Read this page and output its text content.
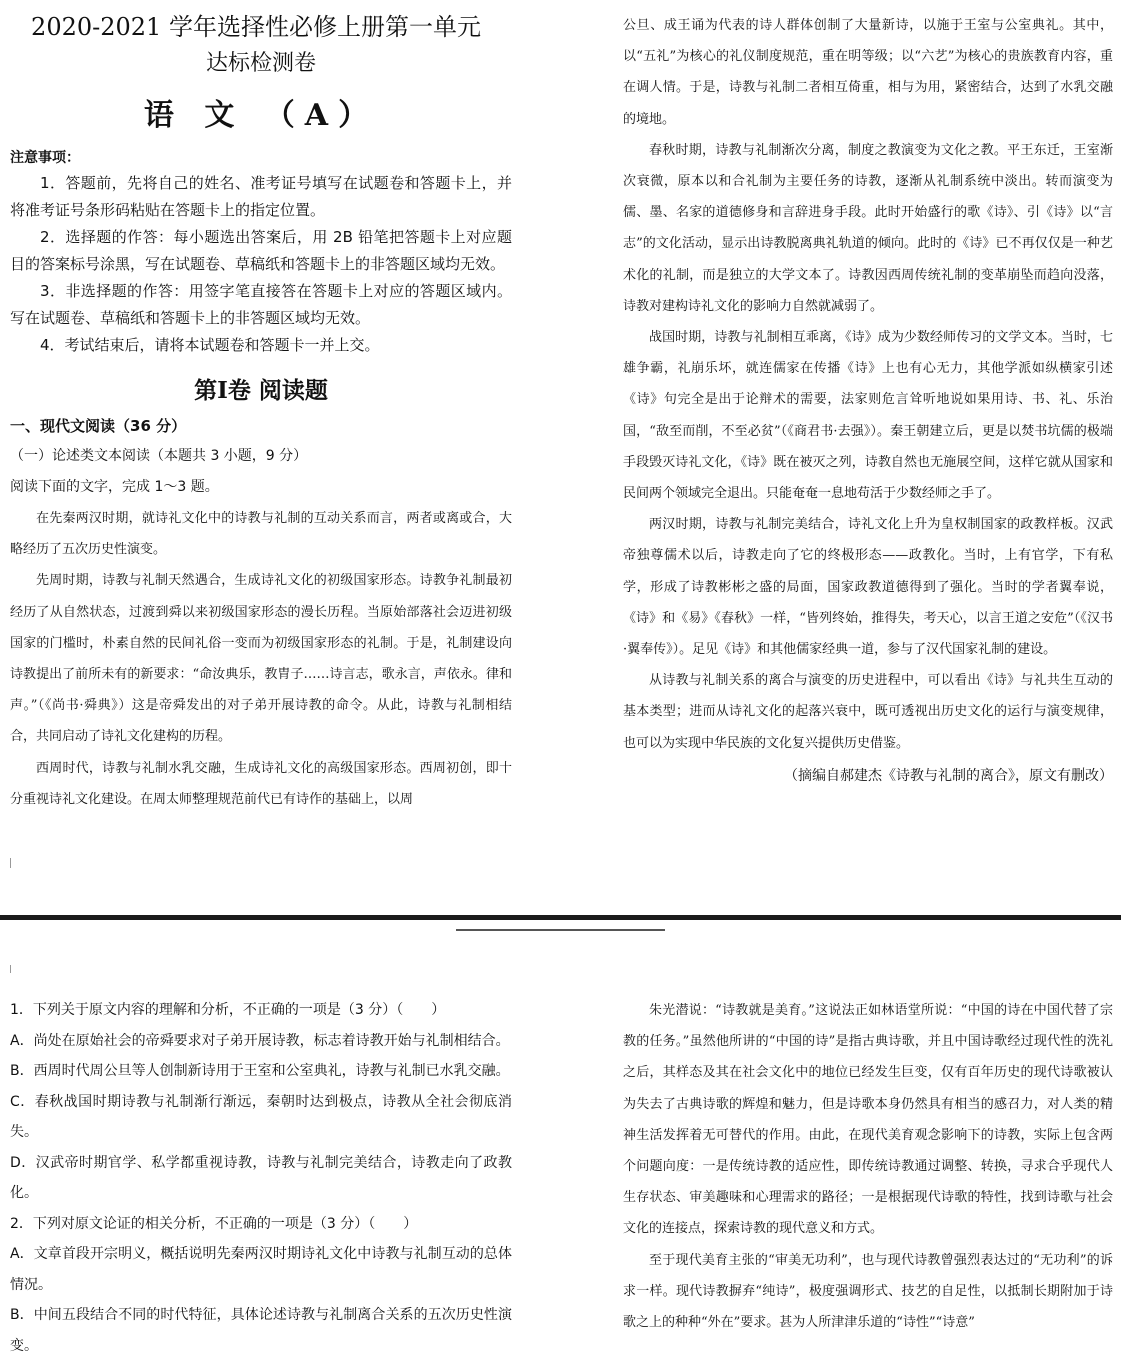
2020-2021 学年选择性必修上册第一单元
达标检测卷
语 文 （A）
注意事项：
1．答题前，先将自己的姓名、准考证号填写在试题卷和答题卡上，并将准考证号条形码粘贴在答题卡上的指定位置。
2．选择题的作答：每小题选出答案后，用 2B 铅笔把答题卡上对应题目的答案标号涂黑，写在试题卷、草稿纸和答题卡上的非答题区域均无效。
3．非选择题的作答：用签字笔直接答在答题卡上对应的答题区域内。写在试题卷、草稿纸和答题卡上的非答题区域均无效。
4．考试结束后，请将本试题卷和答题卡一并上交。
第Ⅰ卷 阅读题
一、现代文阅读（36 分）
（一）论述类文本阅读（本题共 3 小题，9 分）
阅读下面的文字，完成 1～3 题。
在先秦两汉时期，就诗礼文化中的诗教与礼制的互动关系而言，两者或离或合，大略经历了五次历史性演变。
先周时期，诗教与礼制天然遇合，生成诗礼文化的初级国家形态。诗教争礼制最初经历了从自然状态，过渡到舜以来初级国家形态的漫长历程。当原始部落社会迈进初级国家的门槛时，朴素自然的民间礼俗一变而为初级国家形态的礼制。于是，礼制建设向诗教提出了前所未有的新要求：“命汝典乐，教胄子……诗言志，歌永言，声依永。律和声。”（《尚书·舜典》）这是帝舜发出的对子弟开展诗教的命令。从此，诗教与礼制相结合，共同启动了诗礼文化建构的历程。
西周时代，诗教与礼制水乳交融，生成诗礼文化的高级国家形态。西周初创，即十分重视诗礼文化建设。在周太师整理规范前代已有诗作的基础上，以周
公旦、成王诵为代表的诗人群体创制了大量新诗，以施于王室与公室典礼。其中，以“五礼”为核心的礼仪制度规范，重在明等级；以“六艺”为核心的贵族教育内容，重在调人情。于是，诗教与礼制二者相互倚重，相与为用，紧密结合，达到了水乳交融的境地。
春秋时期，诗教与礼制渐次分离，制度之教演变为文化之教。平王东迁，王室渐次衰微，原本以和合礼制为主要任务的诗教，逐渐从礼制系统中淡出。转而演变为儒、墨、名家的道德修身和言辞进身手段。此时开始盛行的歌《诗》、引《诗》以“言志”的文化活动，显示出诗教脱离典礼轨道的倾向。此时的《诗》已不再仅仅是一种艺术化的礼制，而是独立的大学文本了。诗教因西周传统礼制的变革崩坠而趋向没落，诗教对建构诗礼文化的影响力自然就减弱了。
战国时期，诗教与礼制相互乖离，《诗》成为少数经师传习的文学文本。当时，七雄争霸，礼崩乐坏，就连儒家在传播《诗》上也有心无力，其他学派如纵横家引述《诗》句完全是出于论辩术的需要，法家则危言耸听地说如果用诗、书、礼、乐治国，“敌至而削，不至必贫”（《商君书·去强》）。秦王朝建立后，更是以焚书坑儒的极端手段毁灭诗礼文化，《诗》既在被灭之列，诗教自然也无施展空间，这样它就从国家和民间两个领域完全退出。只能奄奄一息地苟活于少数经师之手了。
两汉时期，诗教与礼制完美结合，诗礼文化上升为皇权制国家的政教样板。汉武帝独尊儒术以后，诗教走向了它的终极形态——政教化。当时，上有官学，下有私学，形成了诗教彬彬之盛的局面，国家政教道德得到了强化。当时的学者翼奉说，《诗》和《易》《春秋》一样，“皆列终始，推得失，考天心，以言王道之安危”（《汉书·翼奉传》）。足见《诗》和其他儒家经典一道，参与了汉代国家礼制的建设。
从诗教与礼制关系的离合与演变的历史进程中，可以看出《诗》与礼共生互动的基本类型；进而从诗礼文化的起落兴衰中，既可透视出历史文化的运行与演变规律，也可以为实现中华民族的文化复兴提供历史借鉴。
（摘编自郝建杰《诗教与礼制的离合》，原文有删改）
1．下列关于原文内容的理解和分析，不正确的一项是（3 分）（　　）
A．尚处在原始社会的帝舜要求对子弟开展诗教，标志着诗教开始与礼制相结合。
B．西周时代周公旦等人创制新诗用于王室和公室典礼，诗教与礼制已水乳交融。
C．春秋战国时期诗教与礼制渐行渐远，秦朝时达到极点，诗教从全社会彻底消失。
D．汉武帝时期官学、私学都重视诗教，诗教与礼制完美结合，诗教走向了政教化。
2．下列对原文论证的相关分析，不正确的一项是（3 分）（　　）
A．文章首段开宗明义，概括说明先秦两汉时期诗礼文化中诗教与礼制互动的总体情况。
B．中间五段结合不同的时代特征，具体论述诗教与礼制离合关系的五次历史性演变。
朱光潜说：“诗教就是美育。”这说法正如林语堂所说：“中国的诗在中国代替了宗教的任务。”虽然他所讲的“中国的诗”是指古典诗歌，并且中国诗歌经过现代性的洗礼之后，其样态及其在社会文化中的地位已经发生巨变，仅有百年历史的现代诗歌被认为失去了古典诗歌的辉煌和魅力，但是诗歌本身仍然具有相当的感召力，对人类的精神生活发挥着无可替代的作用。由此，在现代美育观念影响下的诗教，实际上包含两个问题向度：一是传统诗教的适应性，即传统诗教通过调整、转换，寻求合乎现代人生存状态、审美趣味和心理需求的路径；一是根据现代诗歌的特性，找到诗歌与社会文化的连接点，探索诗教的现代意义和方式。
至于现代美育主张的“审美无功利”，也与现代诗教曾强烈表达过的“无功利”的诉求一样。现代诗教摒弃“纯诗”，极度强调形式、技艺的自足性，以抵制长期附加于诗歌之上的种种“外在”要求。甚为人所津津乐道的“诗性”“诗意”
